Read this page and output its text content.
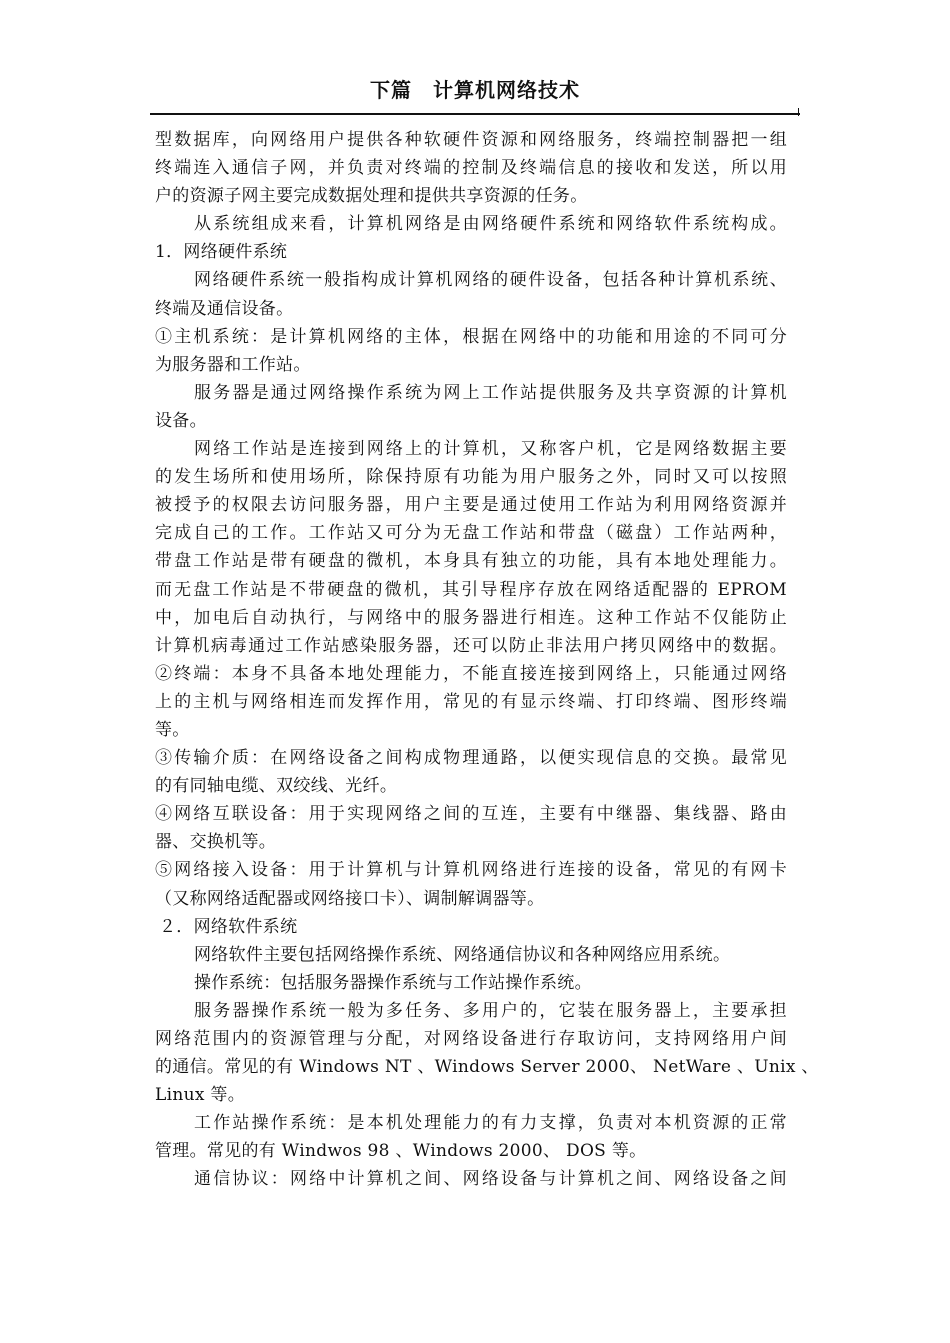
下篇　计算机网络技术
型数据库，向网络用户提供各种软硬件资源和网络服务，终端控制器把一组
终端连入通信子网，并负责对终端的控制及终端信息的接收和发送，所以用
户的资源子网主要完成数据处理和提供共享资源的任务。
从系统组成来看，计算机网络是由网络硬件系统和网络软件系统构成。
1．网络硬件系统
网络硬件系统一般指构成计算机网络的硬件设备，包括各种计算机系统、
终端及通信设备。
①主机系统：是计算机网络的主体，根据在网络中的功能和用途的不同可分
为服务器和工作站。
服务器是通过网络操作系统为网上工作站提供服务及共享资源的计算机
设备。
网络工作站是连接到网络上的计算机，又称客户机，它是网络数据主要
的发生场所和使用场所，除保持原有功能为用户服务之外，同时又可以按照
被授予的权限去访问服务器，用户主要是通过使用工作站为利用网络资源并
完成自己的工作。工作站又可分为无盘工作站和带盘（磁盘）工作站两种，
带盘工作站是带有硬盘的微机，本身具有独立的功能，具有本地处理能力。
而无盘工作站是不带硬盘的微机，其引导程序存放在网络适配器的 EPROM
中，加电后自动执行，与网络中的服务器进行相连。这种工作站不仅能防止
计算机病毒通过工作站感染服务器，还可以防止非法用户拷贝网络中的数据。
②终端：本身不具备本地处理能力，不能直接连接到网络上，只能通过网络
上的主机与网络相连而发挥作用，常见的有显示终端、打印终端、图形终端
等。
③传输介质：在网络设备之间构成物理通路，以便实现信息的交换。最常见
的有同轴电缆、双绞线、光纤。
④网络互联设备：用于实现网络之间的互连，主要有中继器、集线器、路由
器、交换机等。
⑤网络接入设备：用于计算机与计算机网络进行连接的设备，常见的有网卡
（又称网络适配器或网络接口卡）、调制解调器等。
２．网络软件系统
网络软件主要包括网络操作系统、网络通信协议和各种网络应用系统。
操作系统：包括服务器操作系统与工作站操作系统。
服务器操作系统一般为多任务、多用户的，它装在服务器上，主要承担
网络范围内的资源管理与分配，对网络设备进行存取访问，支持网络用户间
的通信。常见的有 Windows NT 、Windows Server 2000、 NetWare 、Unix 、
Linux 等。
工作站操作系统：是本机处理能力的有力支撑，负责对本机资源的正常
管理。常见的有 Windwos 98 、Windows 2000、 DOS 等。
通信协议：网络中计算机之间、网络设备与计算机之间、网络设备之间
